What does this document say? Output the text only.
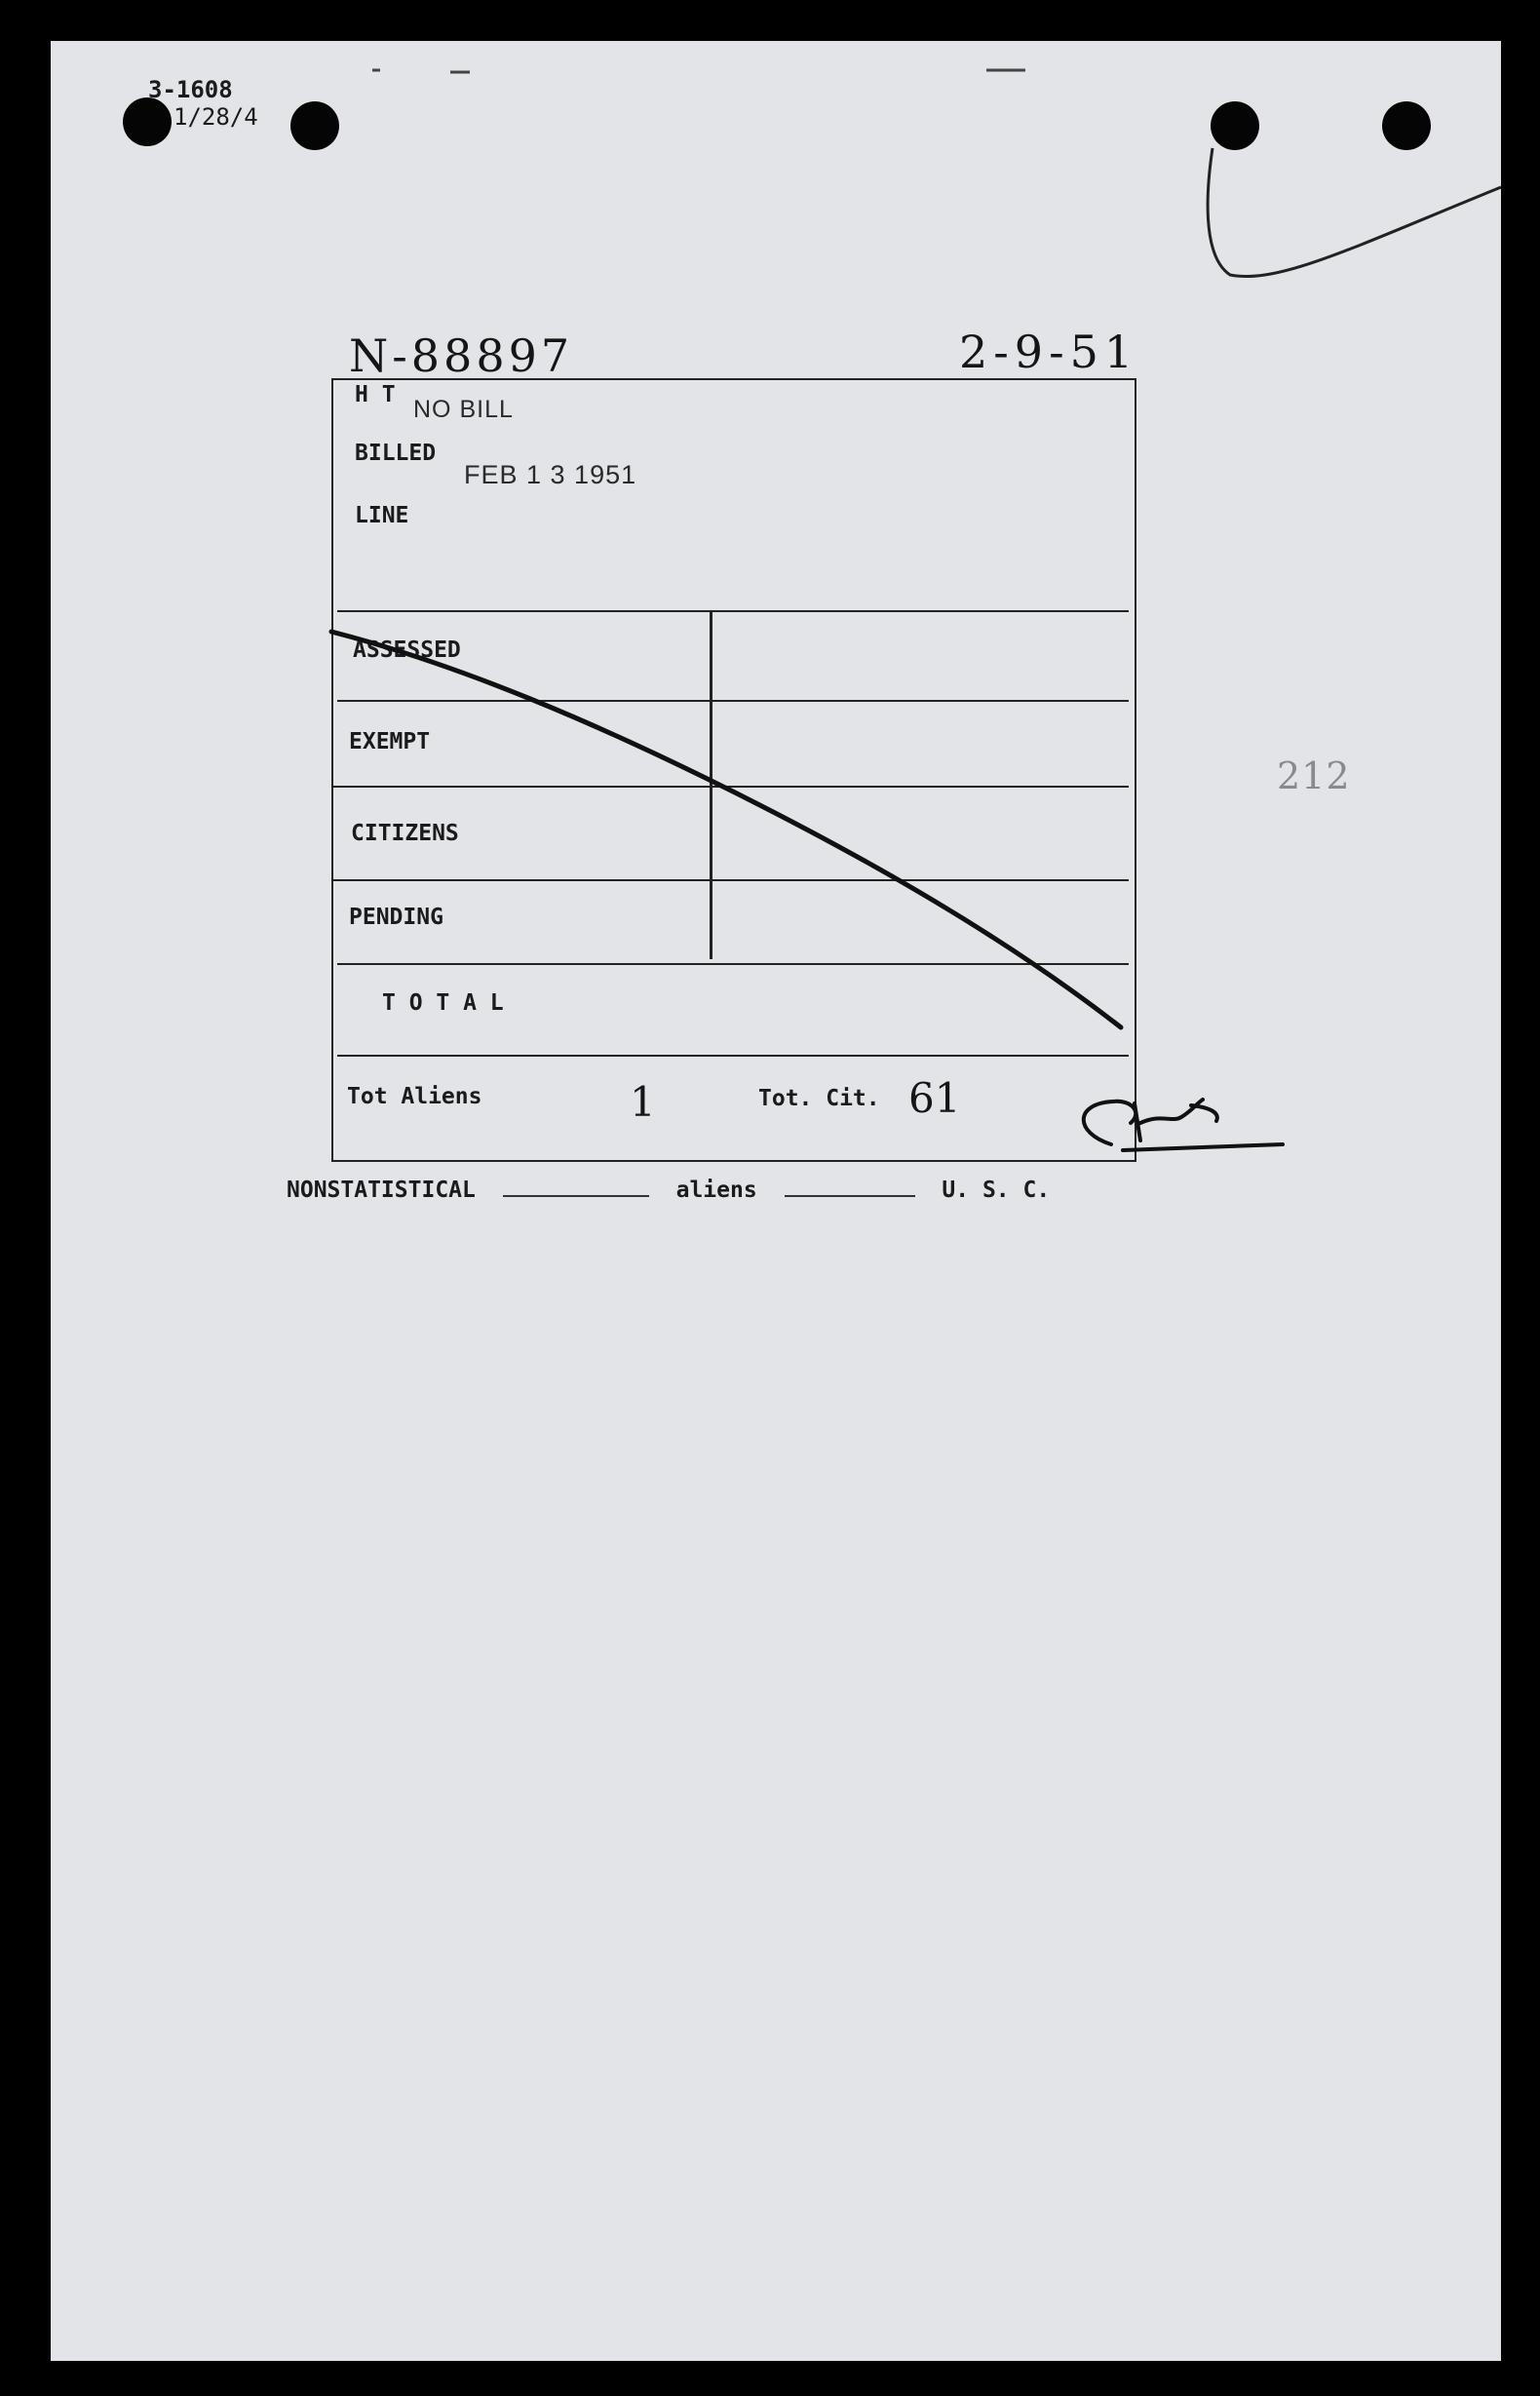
3-1608
1/28/4
212
N-88897	2-9-51
H T
NO BILL
BILLED
FEB 1 3 1951
LINE
ASSESSED
EXEMPT
CITIZENS
PENDING
T O T A L
Tot Aliens	1	Tot. Cit. 61
NONSTATISTICAL	aliens	U. S. C.
